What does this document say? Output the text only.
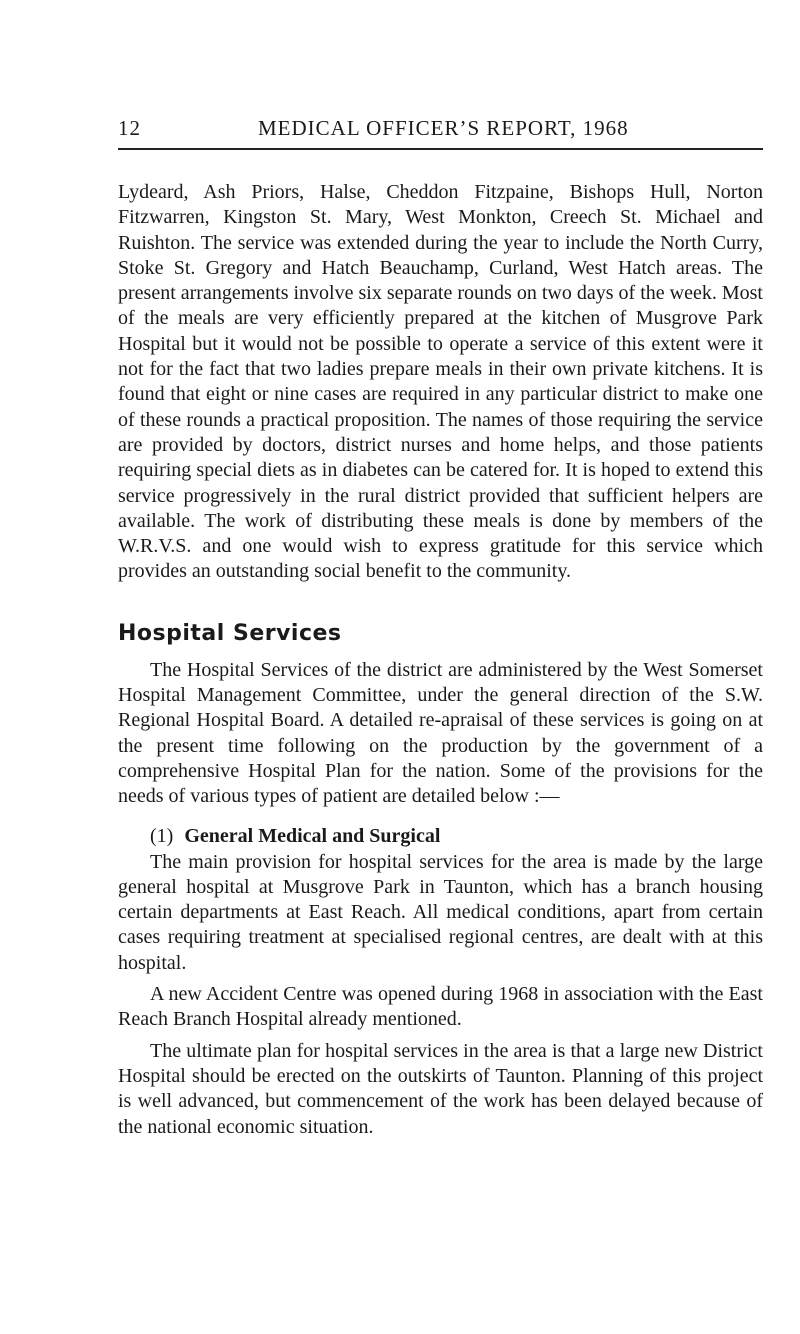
12	MEDICAL OFFICER’S REPORT, 1968

Lydeard, Ash Priors, Halse, Cheddon Fitzpaine, Bishops Hull, Norton Fitzwarren, Kingston St. Mary, West Monkton, Creech St. Michael and Ruishton. The service was extended during the year to include the North Curry, Stoke St. Gregory and Hatch Beauchamp, Curland, West Hatch areas. The present arrangements involve six separate rounds on two days of the week. Most of the meals are very efficiently prepared at the kitchen of Musgrove Park Hospital but it would not be possible to operate a service of this extent were it not for the fact that two ladies prepare meals in their own private kitchens. It is found that eight or nine cases are required in any particular district to make one of these rounds a practical proposition. The names of those requiring the service are provided by doctors, district nurses and home helps, and those patients requiring special diets as in diabetes can be catered for. It is hoped to extend this service progressively in the rural district provided that sufficient helpers are available. The work of distributing these meals is done by members of the W.R.V.S. and one would wish to express gratitude for this service which provides an outstanding social benefit to the community.

Hospital Services

The Hospital Services of the district are administered by the West Somerset Hospital Management Committee, under the general direction of the S.W. Regional Hospital Board. A detailed re-apraisal of these services is going on at the present time following on the production by the government of a comprehensive Hospital Plan for the nation. Some of the provisions for the needs of various types of patient are detailed below :—

(1) General Medical and Surgical

The main provision for hospital services for the area is made by the large general hospital at Musgrove Park in Taunton, which has a branch housing certain departments at East Reach. All medical conditions, apart from certain cases requiring treatment at specialised regional centres, are dealt with at this hospital.

A new Accident Centre was opened during 1968 in association with the East Reach Branch Hospital already mentioned.

The ultimate plan for hospital services in the area is that a large new District Hospital should be erected on the outskirts of Taunton. Planning of this project is well advanced, but commencement of the work has been delayed because of the national economic situation.
